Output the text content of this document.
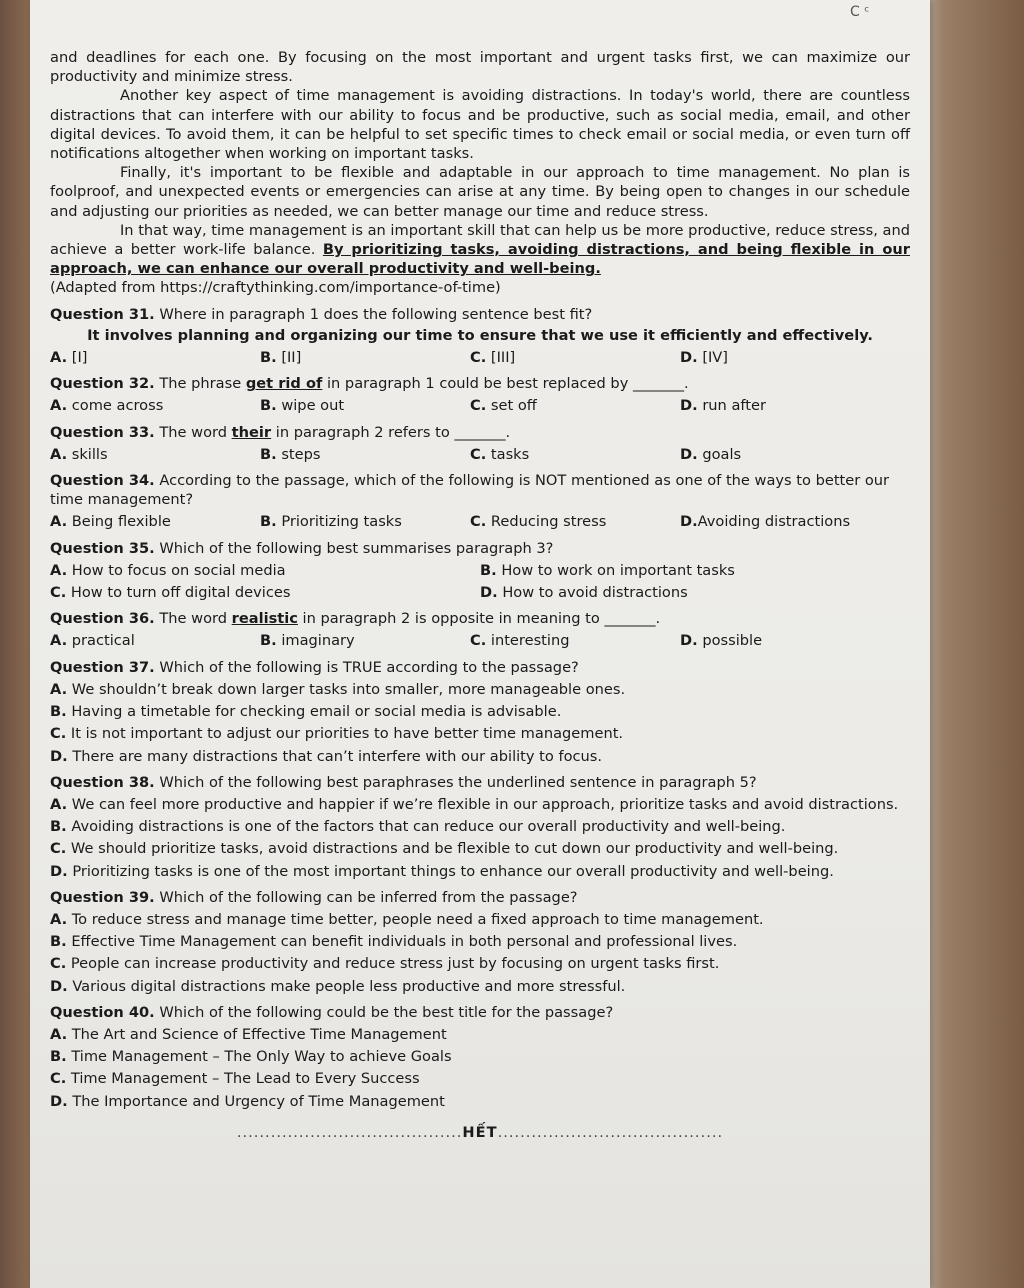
C ᶜ

and deadlines for each one. By focusing on the most important and urgent tasks first, we can maximize our productivity and minimize stress.

Another key aspect of time management is avoiding distractions. In today's world, there are countless distractions that can interfere with our ability to focus and be productive, such as social media, email, and other digital devices. To avoid them, it can be helpful to set specific times to check email or social media, or even turn off notifications altogether when working on important tasks.

Finally, it's important to be flexible and adaptable in our approach to time management. No plan is foolproof, and unexpected events or emergencies can arise at any time. By being open to changes in our schedule and adjusting our priorities as needed, we can better manage our time and reduce stress.

In that way, time management is an important skill that can help us be more productive, reduce stress, and achieve a better work-life balance. By prioritizing tasks, avoiding distractions, and being flexible in our approach, we can enhance our overall productivity and well-being.

(Adapted from https://craftythinking.com/importance-of-time)

Question 31. Where in paragraph 1 does the following sentence best fit?
It involves planning and organizing our time to ensure that we use it efficiently and effectively.
A. [I]	B. [II]	C. [III]	D. [IV]
Question 32. The phrase get rid of in paragraph 1 could be best replaced by _______.
A. come across	B. wipe out	C. set off	D. run after
Question 33. The word their in paragraph 2 refers to _______.
A. skills	B. steps	C. tasks	D. goals
Question 34. According to the passage, which of the following is NOT mentioned as one of the ways to better our time management?
A. Being flexible	B. Prioritizing tasks	C. Reducing stress	D.Avoiding distractions
Question 35. Which of the following best summarises paragraph 3?
A. How to focus on social media	B. How to work on important tasks
C. How to turn off digital devices	D. How to avoid distractions
Question 36. The word realistic in paragraph 2 is opposite in meaning to _______.
A. practical	B. imaginary	C. interesting	D. possible
Question 37. Which of the following is TRUE according to the passage?
A. We shouldn’t break down larger tasks into smaller, more manageable ones.
B. Having a timetable for checking email or social media is advisable.
C. It is not important to adjust our priorities to have better time management.
D. There are many distractions that can’t interfere with our ability to focus.
Question 38. Which of the following best paraphrases the underlined sentence in paragraph 5?
A. We can feel more productive and happier if we’re flexible in our approach, prioritize tasks and avoid distractions.
B. Avoiding distractions is one of the factors that can reduce our overall productivity and well-being.
C. We should prioritize tasks, avoid distractions and be flexible to cut down our productivity and well-being.
D. Prioritizing tasks is one of the most important things to enhance our overall productivity and well-being.
Question 39. Which of the following can be inferred from the passage?
A. To reduce stress and manage time better, people need a fixed approach to time management.
B. Effective Time Management can benefit individuals in both personal and professional lives.
C. People can increase productivity and reduce stress just by focusing on urgent tasks first.
D. Various digital distractions make people less productive and more stressful.
Question 40. Which of the following could be the best title for the passage?
A. The Art and Science of Effective Time Management
B. Time Management – The Only Way to achieve Goals
C. Time Management – The Lead to Every Success
D. The Importance and Urgency of Time Management
........................................HẾT........................................
